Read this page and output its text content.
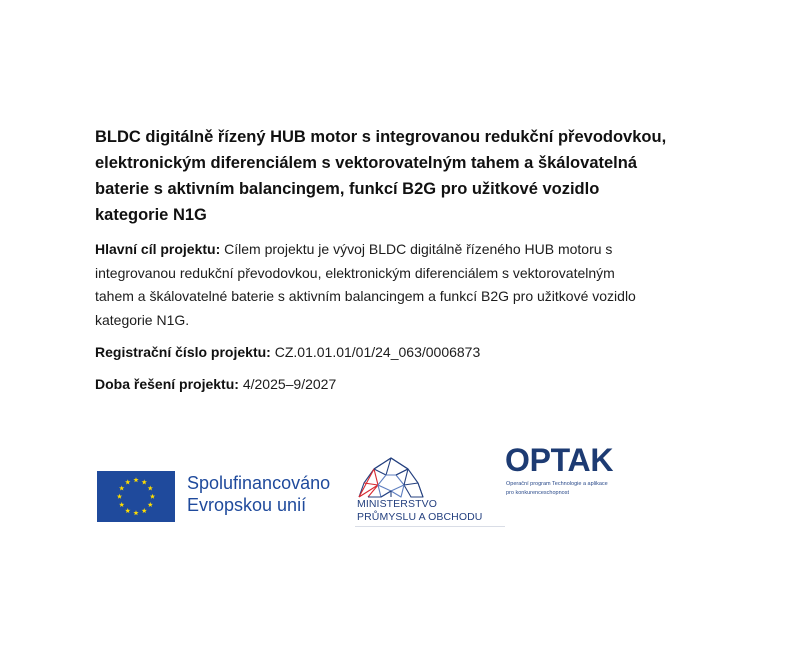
BLDC digitálně řízený HUB motor s integrovanou redukční převodovkou,
elektronickým diferenciálem s vektorovatelným tahem a škálovatelná
baterie s aktivním balancingem, funkcí B2G pro užitkové vozidlo
kategorie N1G
Hlavní cíl projektu: Cílem projektu je vývoj BLDC digitálně řízeného HUB motoru s
integrovanou redukční převodovkou, elektronickým diferenciálem s vektorovatelným
tahem a škálovatelné baterie s aktivním balancingem a funkcí B2G pro užitkové vozidlo
kategorie N1G.
Registrační číslo projektu: CZ.01.01.01/01/24_063/0006873
Doba řešení projektu: 4/2025–9/2027
Spolufinancováno
Evropskou unií	MINISTERSTVO
PRŮMYSLU A OBCHODU
OPTAK
Operační program Technologie a aplikace
pro konkurenceschopnost
